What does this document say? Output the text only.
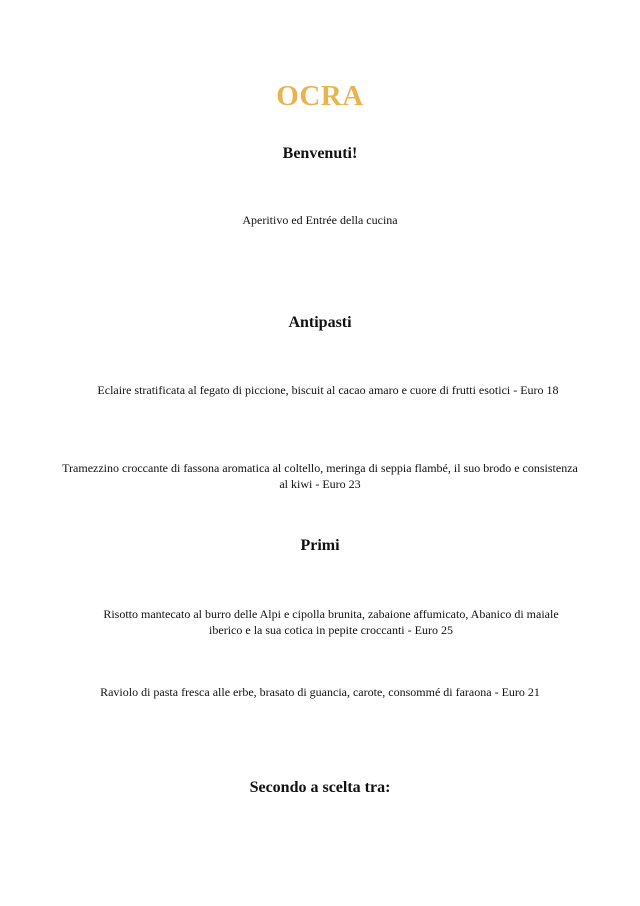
OCRA
Benvenuti!
Aperitivo ed Entrée della cucina
Antipasti
Eclaire stratificata al fegato di piccione, biscuit al cacao amaro e cuore di frutti esotici - Euro 18
Tramezzino croccante di fassona aromatica al coltello, meringa di seppia flambé, il suo brodo e consistenza al kiwi - Euro 23
Primi
Risotto mantecato al burro delle Alpi e cipolla brunita, zabaione affumicato, Abanico di maiale iberico e la sua cotica in pepite croccanti - Euro 25
Raviolo di pasta fresca alle erbe, brasato di guancia, carote, consommé di faraona - Euro 21
Secondo a scelta tra:
